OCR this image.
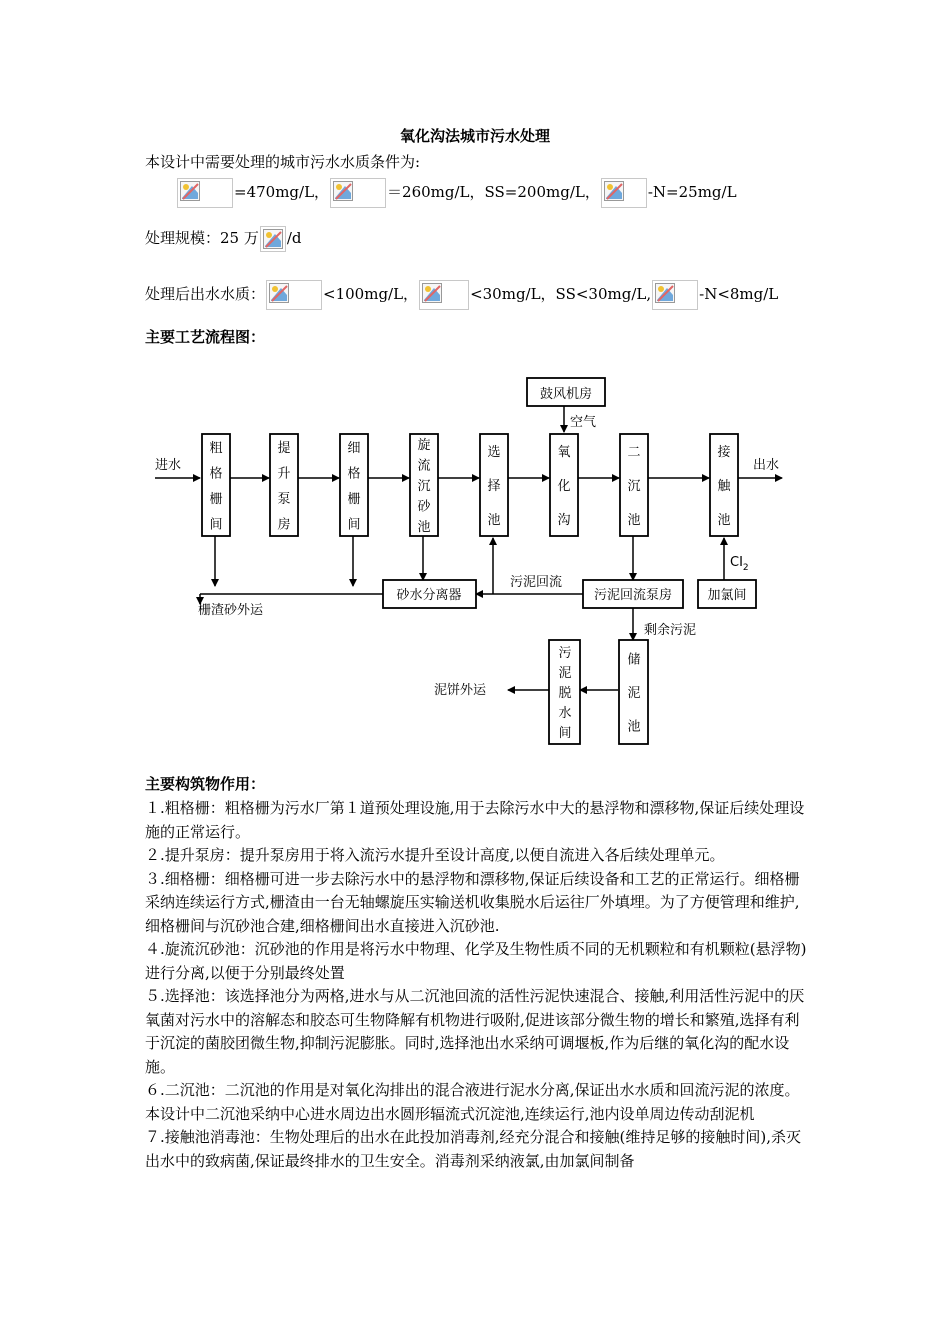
氧化沟法城市污水处理
本设计中需要处理的城市污水水质条件为:
=470mg/L，	＝260mg/L，SS=200mg/L，	-N=25mg/L
处理规模：25 万 /d
处理后出水水质：	<100mg/L，	<30mg/L，SS<30mg/L,	-N<8mg/L
主要工艺流程图：
进水	出水
鼓风机房
空气
砂水分离器
栅渣砂外运
污泥回流
污泥回流泵房	加氯间
$CI_2$
剩余污泥
泥饼外运
粗
格
栅
间
提
升
泵
房
细
格
栅
间
旋
流
沉
砂
池
选
择
池
氧
化
沟
二
沉
池
接
触
池
储
泥
池
污
泥
脱
水
间
主要构筑物作用：

１.粗格栅：粗格栅为污水厂第１道预处理设施,用于去除污水中大的悬浮物和漂移物,保证后续处理设施的正常运行。

２.提升泵房：提升泵房用于将入流污水提升至设计高度,以便自流进入各后续处理单元。

３.细格栅：细格栅可进一步去除污水中的悬浮物和漂移物,保证后续设备和工艺的正常运行。细格栅采纳连续运行方式,栅渣由一台无轴螺旋压实输送机收集脱水后运往厂外填埋。为了方便管理和维护,细格栅间与沉砂池合建,细格栅间出水直接进入沉砂池.

４.旋流沉砂池：沉砂池的作用是将污水中物理、化学及生物性质不同的无机颗粒和有机颗粒(悬浮物)进行分离,以便于分别最终处置

５.选择池：该选择池分为两格,进水与从二沉池回流的活性污泥快速混合、接触,利用活性污泥中的厌氧菌对污水中的溶解态和胶态可生物降解有机物进行吸附,促进该部分微生物的增长和繁殖,选择有利于沉淀的菌胶团微生物,抑制污泥膨胀。同时,选择池出水采纳可调堰板,作为后继的氧化沟的配水设施。

６.二沉池：二沉池的作用是对氧化沟排出的混合液进行泥水分离,保证出水水质和回流污泥的浓度。本设计中二沉池采纳中心进水周边出水圆形辐流式沉淀池,连续运行,池内设单周边传动刮泥机

７.接触池消毒池：生物处理后的出水在此投加消毒剂,经充分混合和接触(维持足够的接触时间),杀灭出水中的致病菌,保证最终排水的卫生安全。消毒剂采纳液氯,由加氯间制备
